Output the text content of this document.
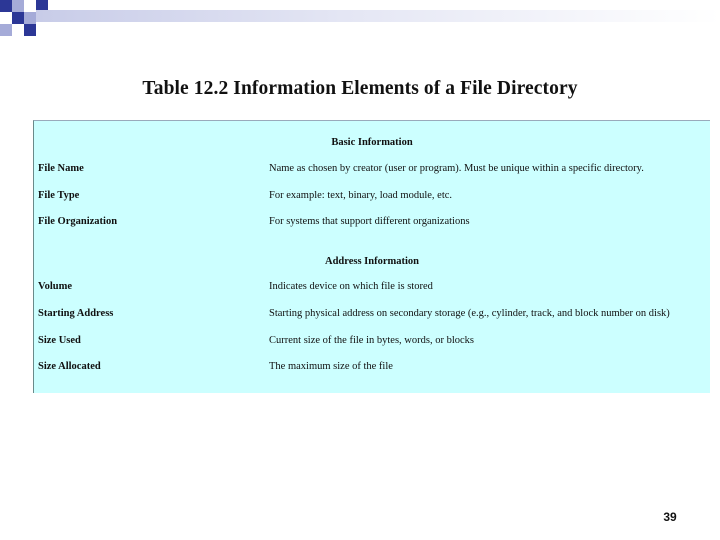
Table 12.2 Information Elements of a File Directory
Basic Information
File Name	Name as chosen by creator (user or program). Must be unique within a specific directory.
File Type	For example: text, binary, load module, etc.
File Organization	For systems that support different organizations
Address Information
Volume	Indicates device on which file is stored
Starting Address	Starting physical address on secondary storage (e.g., cylinder, track, and block number on disk)
Size Used	Current size of the file in bytes, words, or blocks
Size Allocated	The maximum size of the file
39
